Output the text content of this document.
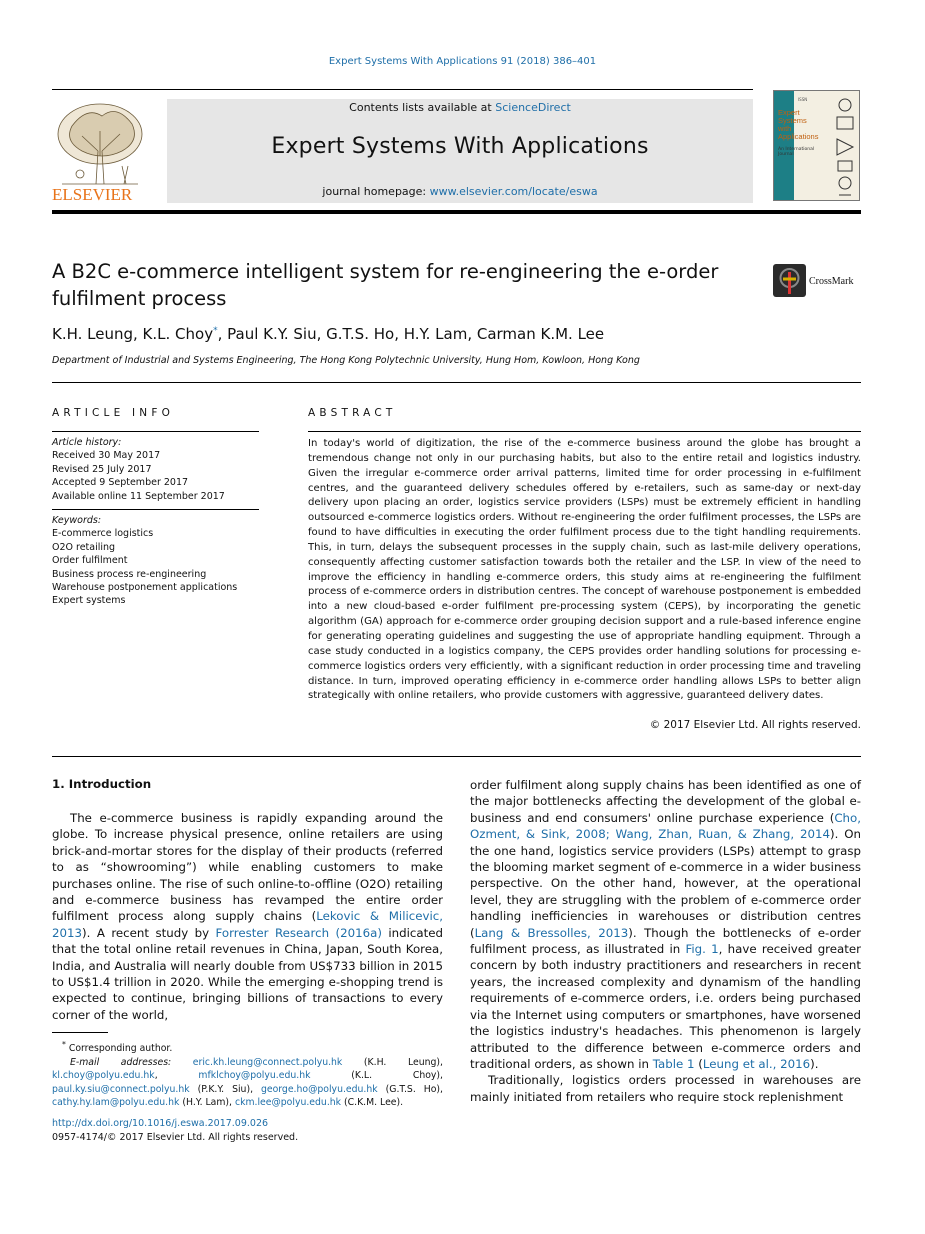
Expert Systems With Applications 91 (2018) 386–401
ELSEVIER
Contents lists available at ScienceDirect
Expert Systems With Applications
journal homepage: www.elsevier.com/locate/eswa
ISSN
Expert
Systems
with
Applications
An International Journal
A B2C e-commerce intelligent system for re-engineering the e-order fulfilment process
CrossMark
K.H. Leung, K.L. Choy*, Paul K.Y. Siu, G.T.S. Ho, H.Y. Lam, Carman K.M. Lee
Department of Industrial and Systems Engineering, The Hong Kong Polytechnic University, Hung Hom, Kowloon, Hong Kong
ARTICLE INFO	ABSTRACT
Article history:
Received 30 May 2017
Revised 25 July 2017
Accepted 9 September 2017
Available online 11 September 2017
Keywords:
E-commerce logistics
O2O retailing
Order fulfilment
Business process re-engineering
Warehouse postponement applications
Expert systems
In today's world of digitization, the rise of the e-commerce business around the globe has brought a tremendous change not only in our purchasing habits, but also to the entire retail and logistics industry. Given the irregular e-commerce order arrival patterns, limited time for order processing in e-fulfilment centres, and the guaranteed delivery schedules offered by e-retailers, such as same-day or next-day delivery upon placing an order, logistics service providers (LSPs) must be extremely efficient in handling outsourced e-commerce logistics orders. Without re-engineering the order fulfilment processes, the LSPs are found to have difficulties in executing the order fulfilment process due to the tight handling requirements. This, in turn, delays the subsequent processes in the supply chain, such as last-mile delivery operations, consequently affecting customer satisfaction towards both the retailer and the LSP. In view of the need to improve the efficiency in handling e-commerce orders, this study aims at re-engineering the fulfilment process of e-commerce orders in distribution centres. The concept of warehouse postponement is embedded into a new cloud-based e-order fulfilment pre-processing system (CEPS), by incorporating the genetic algorithm (GA) approach for e-commerce order grouping decision support and a rule-based inference engine for generating operating guidelines and suggesting the use of appropriate handling equipment. Through a case study conducted in a logistics company, the CEPS provides order handling solutions for processing e-commerce logistics orders very efficiently, with a significant reduction in order processing time and traveling distance. In turn, improved operating efficiency in e-commerce order handling allows LSPs to better align strategically with online retailers, who provide customers with aggressive, guaranteed delivery dates.
© 2017 Elsevier Ltd. All rights reserved.
1. Introduction
The e-commerce business is rapidly expanding around the globe. To increase physical presence, online retailers are using brick-and-mortar stores for the display of their products (referred to as “showrooming”) while enabling customers to make purchases online. The rise of such online-to-offline (O2O) retailing and e-commerce business has revamped the entire order fulfilment process along supply chains (Lekovic & Milicevic, 2013). A recent study by Forrester Research (2016a) indicated that the total online retail revenues in China, Japan, South Korea, India, and Australia will nearly double from US$733 billion in 2015 to US$1.4 trillion in 2020. While the emerging e-shopping trend is expected to continue, bringing billions of transactions to every corner of the world,
order fulfilment along supply chains has been identified as one of the major bottlenecks affecting the development of the global e-business and end consumers' online purchase experience (Cho, Ozment, & Sink, 2008; Wang, Zhan, Ruan, & Zhang, 2014). On the one hand, logistics service providers (LSPs) attempt to grasp the blooming market segment of e-commerce in a wider business perspective. On the other hand, however, at the operational level, they are struggling with the problem of e-commerce order handling inefficiencies in warehouses or distribution centres (Lang & Bressolles, 2013). Though the bottlenecks of e-order fulfilment process, as illustrated in Fig. 1, have received greater concern by both industry practitioners and researchers in recent years, the increased complexity and dynamism of the handling requirements of e-commerce orders, i.e. orders being purchased via the Internet using computers or smartphones, have worsened the logistics industry's headaches. This phenomenon is largely attributed to the difference between e-commerce orders and traditional orders, as shown in Table 1 (Leung et al., 2016).
Traditionally, logistics orders processed in warehouses are mainly initiated from retailers who require stock replenishment
* Corresponding author.
E-mail addresses: eric.kh.leung@connect.polyu.hk (K.H. Leung), kl.choy@polyu.edu.hk, mfklchoy@polyu.edu.hk (K.L. Choy), paul.ky.siu@connect.polyu.hk (P.K.Y. Siu), george.ho@polyu.edu.hk (G.T.S. Ho), cathy.hy.lam@polyu.edu.hk (H.Y. Lam), ckm.lee@polyu.edu.hk (C.K.M. Lee).
http://dx.doi.org/10.1016/j.eswa.2017.09.026
0957-4174/© 2017 Elsevier Ltd. All rights reserved.
